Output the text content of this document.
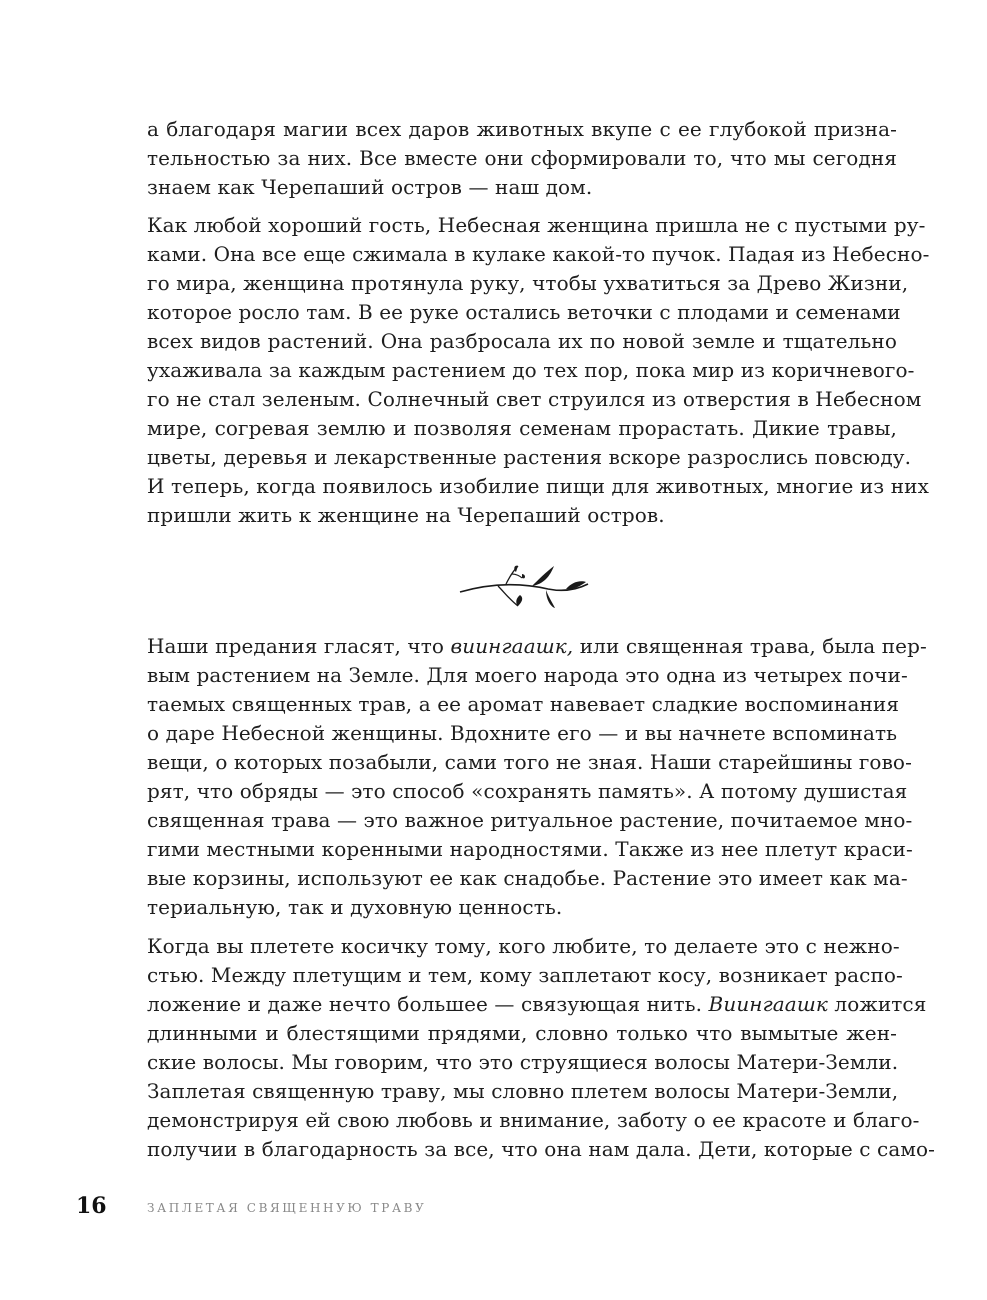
а благодаря магии всех даров животных вкупе с ее глубокой призна-
тельностью за них. Все вместе они сформировали то, что мы сегодня
знаем как Черепаший остров — наш дом.
Как любой хороший гость, Небесная женщина пришла не с пустыми ру-
ками. Она все еще сжимала в кулаке какой-то пучок. Падая из Небесно-
го мира, женщина протянула руку, чтобы ухватиться за Древо Жизни,
которое росло там. В ее руке остались веточки с плодами и семенами
всех видов растений. Она разбросала их по новой земле и тщательно
ухаживала за каждым растением до тех пор, пока мир из коричневого-
го не стал зеленым. Солнечный свет струился из отверстия в Небесном
мире, согревая землю и позволяя семенам прорастать. Дикие травы,
цветы, деревья и лекарственные растения вскоре разрослись повсюду.
И теперь, когда появилось изобилие пищи для животных, многие из них
пришли жить к женщине на Черепаший остров.
Наши предания гласят, что виингаашк, или священная трава, была пер-
вым растением на Земле. Для моего народа это одна из четырех почи-
таемых священных трав, а ее аромат навевает сладкие воспоминания
о даре Небесной женщины. Вдохните его — и вы начнете вспоминать
вещи, о которых позабыли, сами того не зная. Наши старейшины гово-
рят, что обряды — это способ «сохранять память». А потому душистая
священная трава — это важное ритуальное растение, почитаемое мно-
гими местными коренными народностями. Также из нее плетут краси-
вые корзины, используют ее как снадобье. Растение это имеет как ма-
териальную, так и духовную ценность.
Когда вы плетете косичку тому, кого любите, то делаете это с нежно-
стью. Между плетущим и тем, кому заплетают косу, возникает распо-
ложение и даже нечто большее — связующая нить. Виингаашк ложится
длинными и блестящими прядями, словно только что вымытые жен-
ские волосы. Мы говорим, что это струящиеся волосы Матери-Земли.
Заплетая священную траву, мы словно плетем волосы Матери-Земли,
демонстрируя ей свою любовь и внимание, заботу о ее красоте и благо-
получии в благодарность за все, что она нам дала. Дети, которые с само-
16	ЗАПЛЕТАЯ СВЯЩЕННУЮ ТРАВУ
